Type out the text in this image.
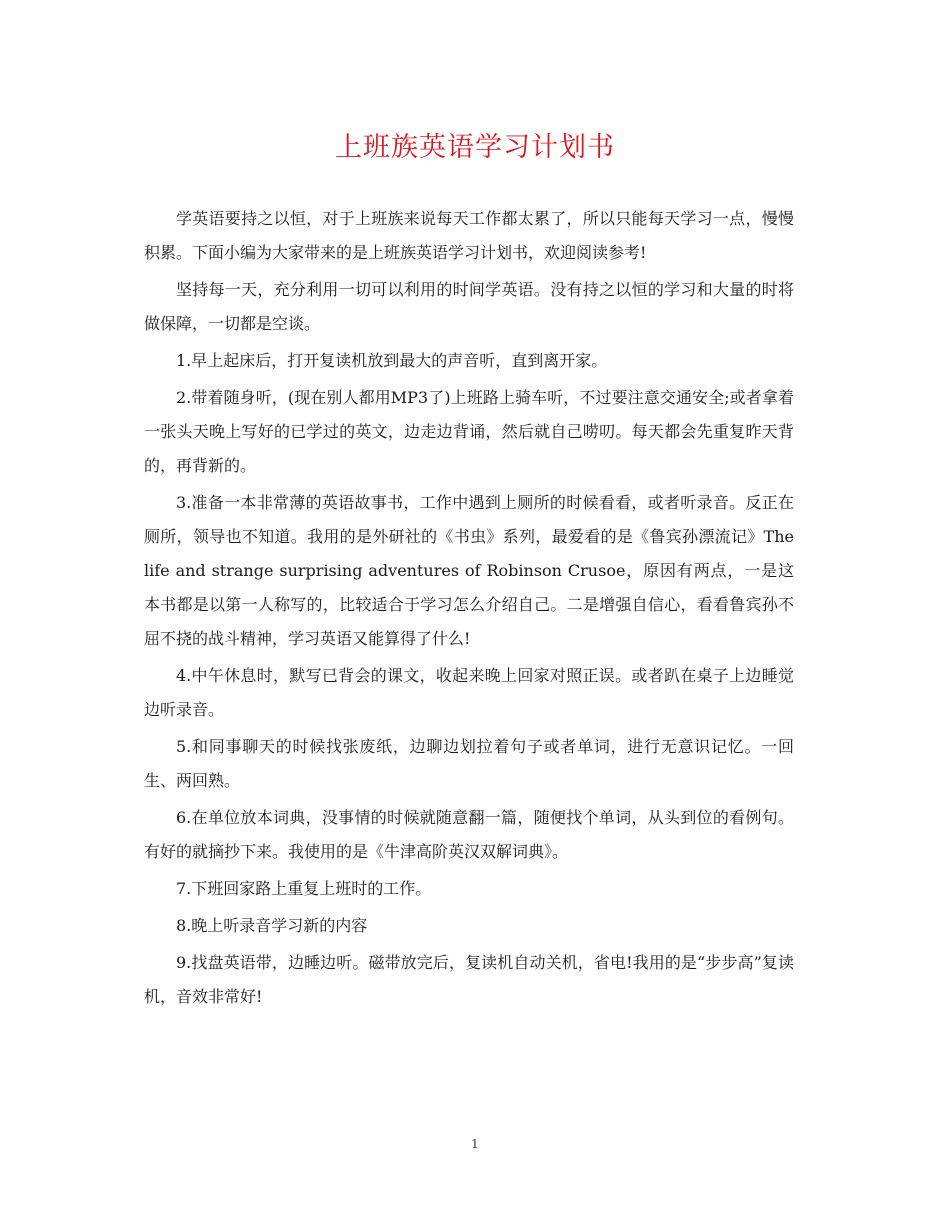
上班族英语学习计划书

学英语要持之以恒，对于上班族来说每天工作都太累了，所以只能每天学习一点，慢慢积累。下面小编为大家带来的是上班族英语学习计划书，欢迎阅读参考!

坚持每一天，充分利用一切可以利用的时间学英语。没有持之以恒的学习和大量的时将做保障，一切都是空谈。

1.早上起床后，打开复读机放到最大的声音听，直到离开家。

2.带着随身听，(现在别人都用MP3了)上班路上骑车听，不过要注意交通安全;或者拿着一张头天晚上写好的已学过的英文，边走边背诵，然后就自己唠叨。每天都会先重复昨天背的，再背新的。

3.准备一本非常薄的英语故事书，工作中遇到上厕所的时候看看，或者听录音。反正在厕所，领导也不知道。我用的是外研社的《书虫》系列，最爱看的是《鲁宾孙漂流记》The life and strange surprising adventures of Robinson Crusoe，原因有两点，一是这本书都是以第一人称写的，比较适合于学习怎么介绍自己。二是增强自信心，看看鲁宾孙不屈不挠的战斗精神，学习英语又能算得了什么!

4.中午休息时，默写已背会的课文，收起来晚上回家对照正误。或者趴在桌子上边睡觉边听录音。

5.和同事聊天的时候找张废纸，边聊边划拉着句子或者单词，进行无意识记忆。一回生、两回熟。

6.在单位放本词典，没事情的时候就随意翻一篇，随便找个单词，从头到位的看例句。有好的就摘抄下来。我使用的是《牛津高阶英汉双解词典》。

7.下班回家路上重复上班时的工作。

8.晚上听录音学习新的内容

9.找盘英语带，边睡边听。磁带放完后，复读机自动关机，省电!我用的是“步步高”复读机，音效非常好!

1
